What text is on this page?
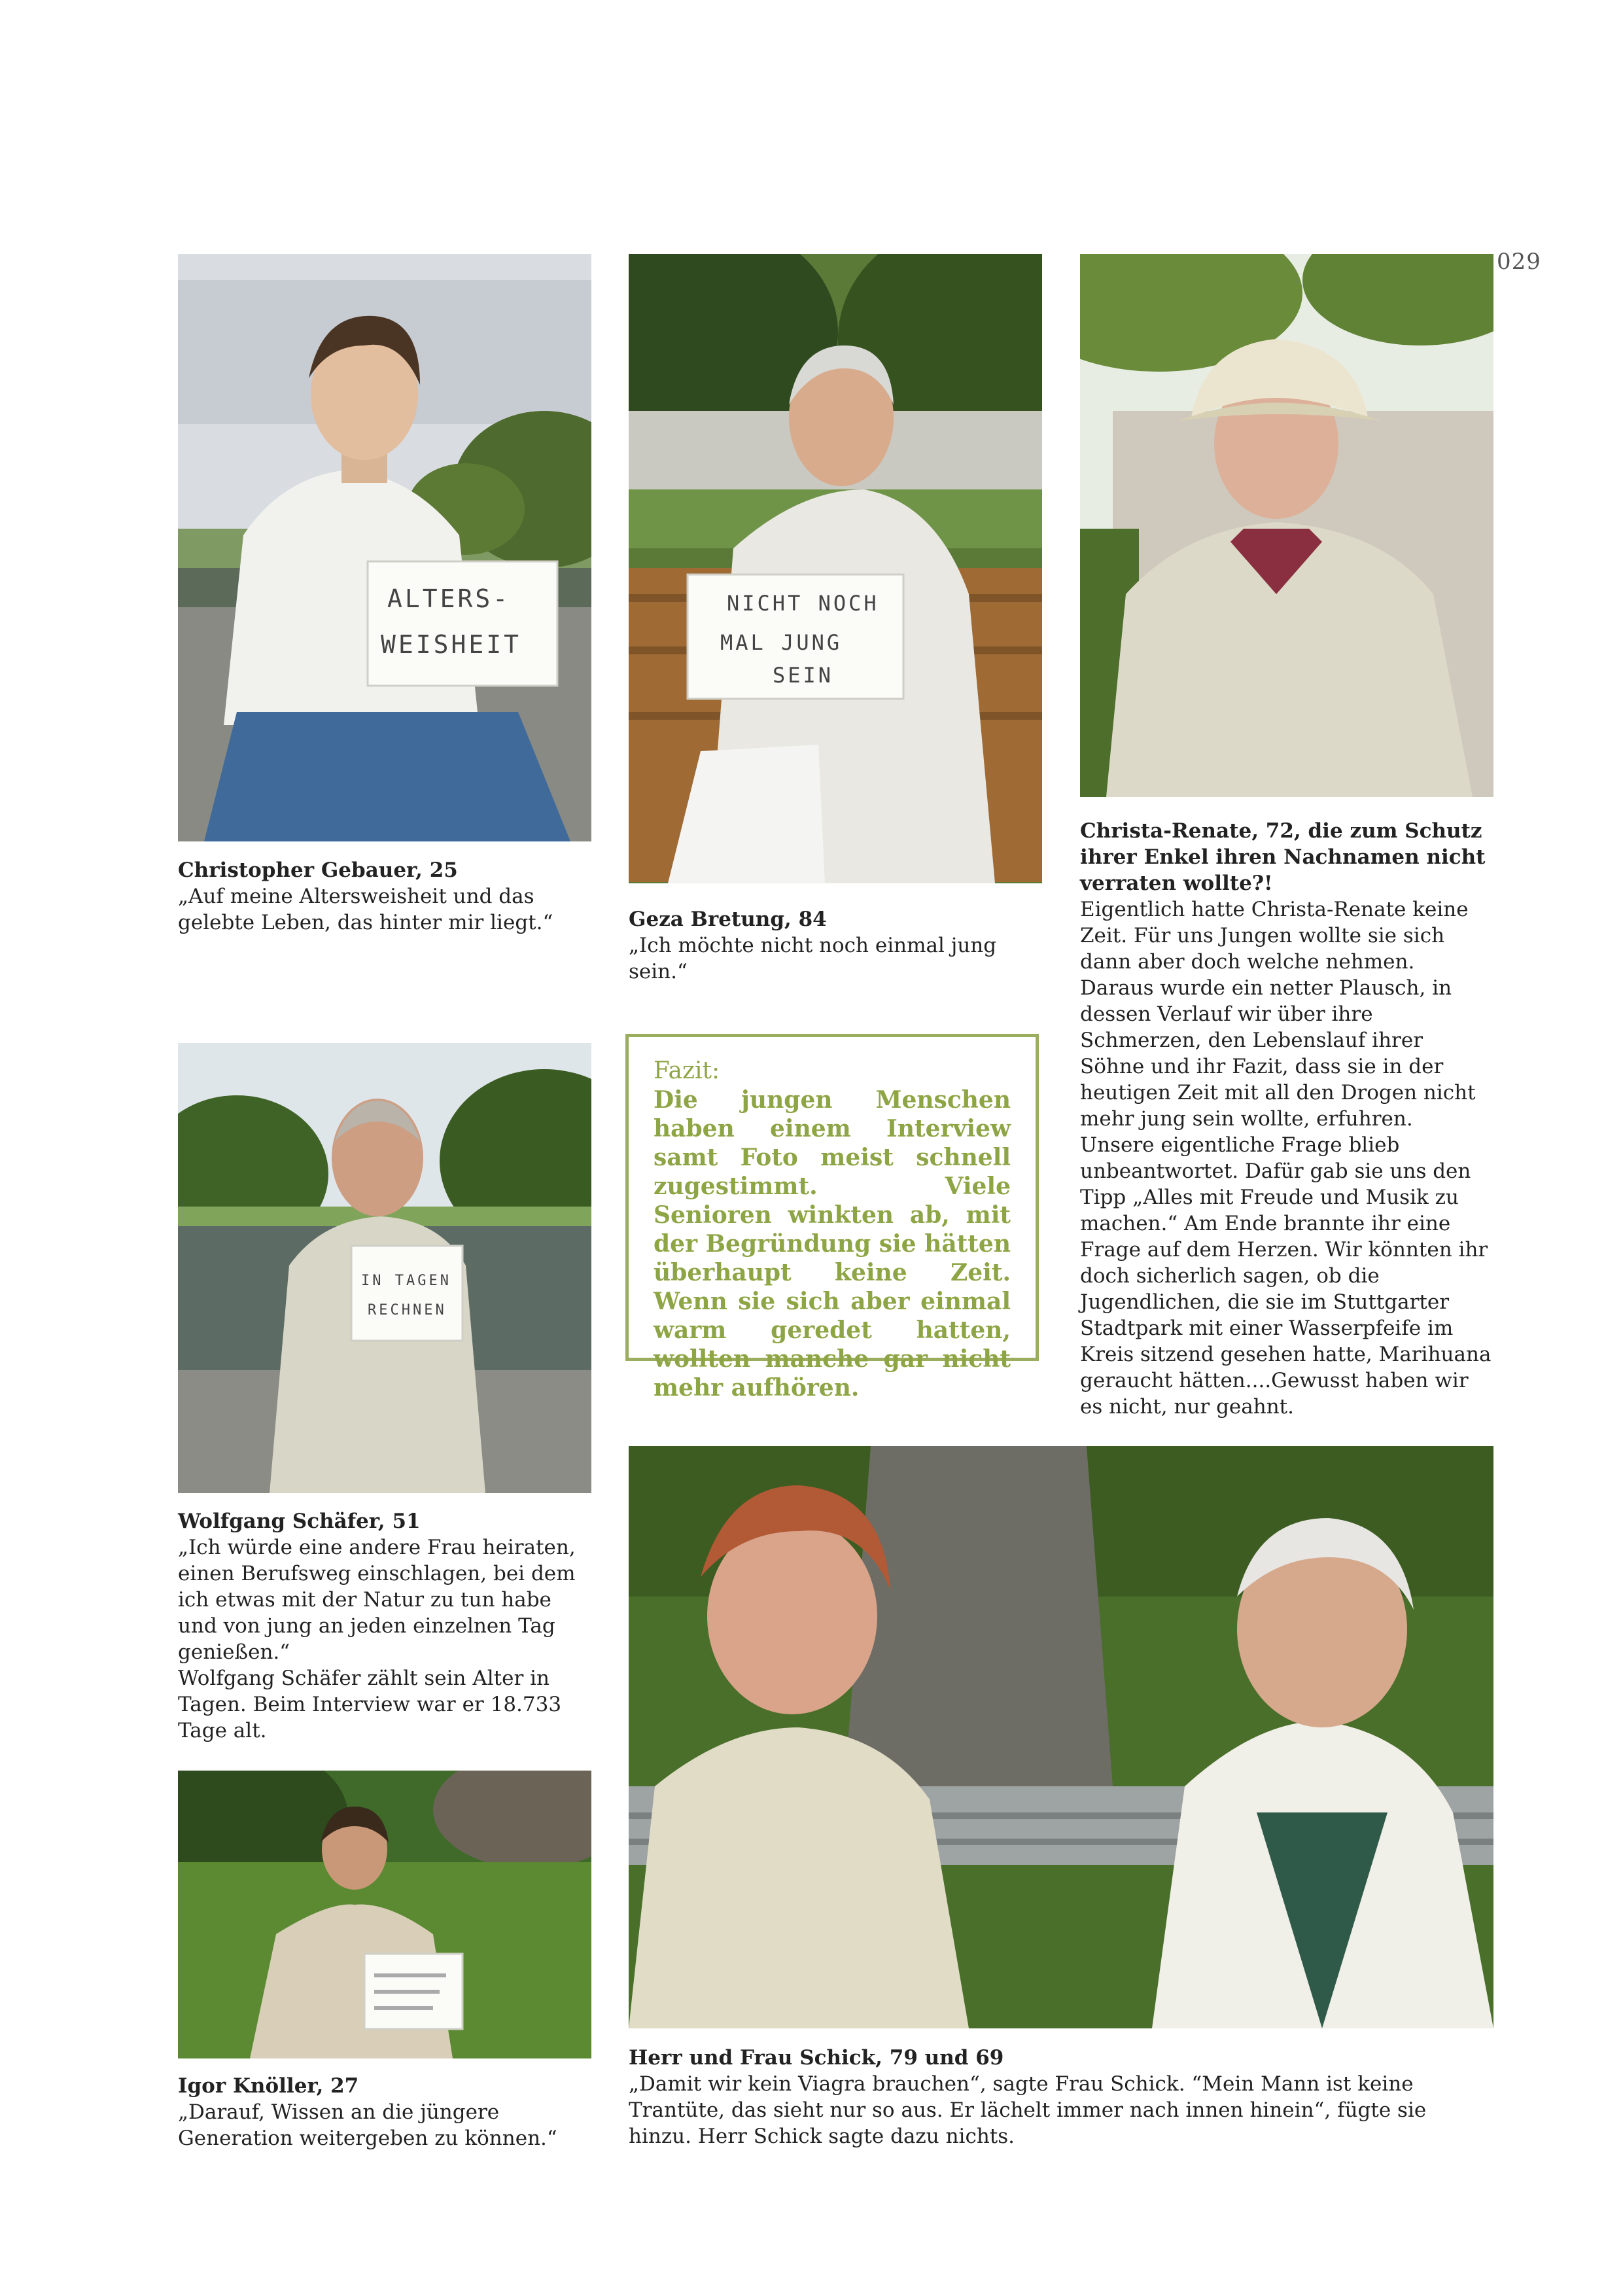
029
ALTERS-
WEISHEIT
Christopher Gebauer, 25
„Auf meine Altersweisheit und das gelebte Leben, das hinter mir liegt.“
NICHT NOCH
MAL JUNG
SEIN
Geza Bretung, 84
„Ich möchte nicht noch einmal jung sein.“
Christa-Renate, 72, die zum Schutz ihrer Enkel ihren Nachnamen nicht verraten wollte?!
Eigentlich hatte Christa-Renate keine Zeit. Für uns Jungen wollte sie sich dann aber doch welche nehmen. Daraus wurde ein netter Plausch, in dessen Verlauf wir über ihre Schmerzen, den Lebenslauf ihrer Söhne und ihr Fazit, dass sie in der heutigen Zeit mit all den Drogen nicht mehr jung sein wollte, erfuhren. Unsere eigentliche Frage blieb unbeantwortet. Dafür gab sie uns den Tipp „Alles mit Freude und Musik zu machen.“ Am Ende brannte ihr eine Frage auf dem Herzen. Wir könnten ihr doch sicherlich sagen, ob die Jugendlichen, die sie im Stuttgarter Stadtpark mit einer Wasserpfeife im Kreis sitzend gesehen hatte, Marihuana geraucht hätten....Gewusst haben wir es nicht, nur geahnt.
Fazit:
Die jungen Menschen haben einem Interview samt Foto meist schnell zugestimmt. Viele Senioren winkten ab, mit der Begründung sie hätten überhaupt keine Zeit. Wenn sie sich aber einmal warm geredet hatten, wollten manche gar nicht mehr aufhören.
IN TAGEN
RECHNEN
Wolfgang Schäfer, 51
„Ich würde eine andere Frau heiraten, einen Berufsweg einschlagen, bei dem ich etwas mit der Natur zu tun habe und von jung an jeden einzelnen Tag genießen.“
Wolfgang Schäfer zählt sein Alter in Tagen. Beim Interview war er 18.733 Tage alt.
Igor Knöller, 27
„Darauf, Wissen an die jüngere Generation weitergeben zu können.“
Herr und Frau Schick, 79 und 69
„Damit wir kein Viagra brauchen“, sagte Frau Schick. “Mein Mann ist keine Trantüte, das sieht nur so aus. Er lächelt immer nach innen hinein“, fügte sie hinzu. Herr Schick sagte dazu nichts.
